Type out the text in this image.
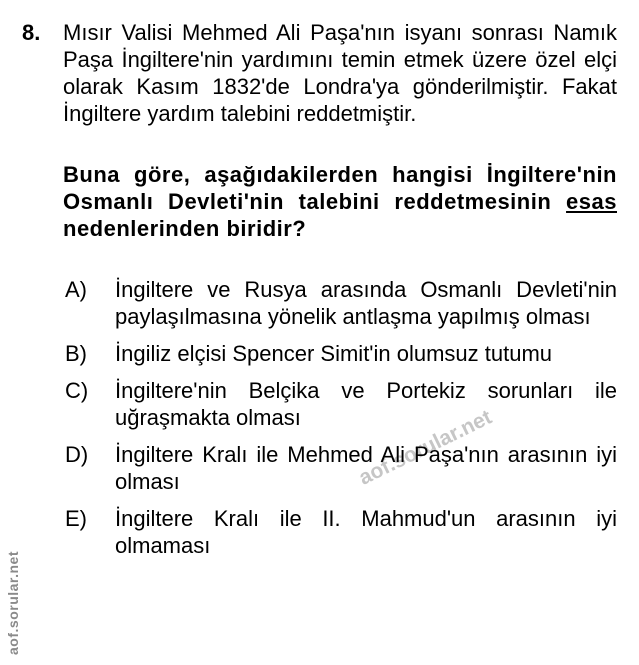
aof.sorular.net
aof.sorular.net
8.	Mısır Valisi Mehmed Ali Paşa'nın isyanı sonrası Namık Paşa İngiltere'nin yardımını temin etmek üzere özel elçi olarak Kasım 1832'de Londra'ya gönderilmiştir. Fakat İngiltere yardım talebini reddetmiştir.

Buna göre, aşağıdakilerden hangisi İngiltere'nin Osmanlı Devleti'nin talebini reddetmesinin esas nedenlerinden biridir?

A)	İngiltere ve Rusya arasında Osmanlı Devleti'nin paylaşılmasına yönelik antlaşma yapılmış olması
B)	İngiliz elçisi Spencer Simit'in olumsuz tutumu
C)	İngiltere'nin Belçika ve Portekiz sorunları ile uğraşmakta olması
D)	İngiltere Kralı ile Mehmed Ali Paşa'nın arasının iyi olması
E)	İngiltere Kralı ile II. Mahmud'un arasının iyi olmaması
